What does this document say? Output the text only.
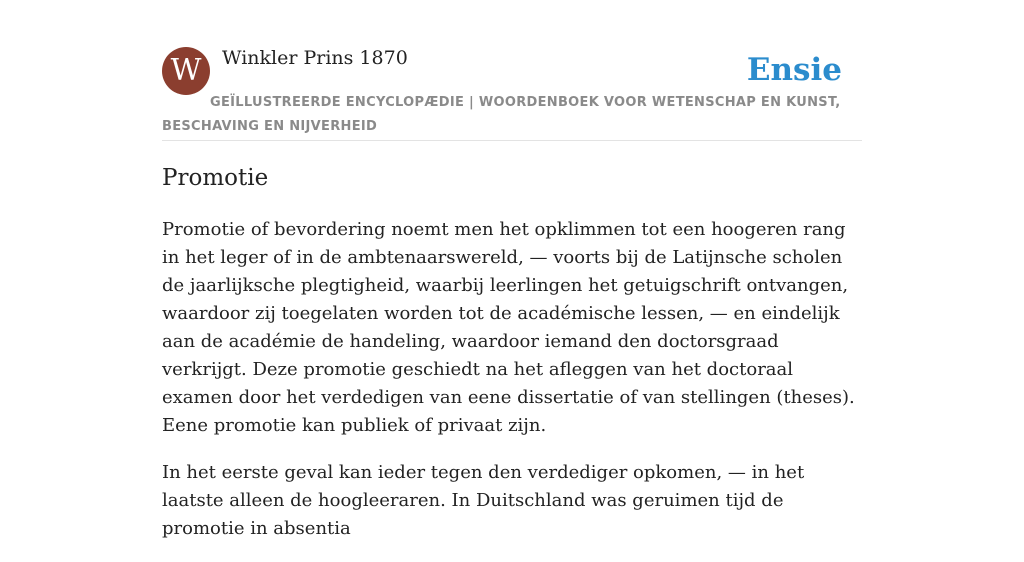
W	Winkler Prins 1870	Ensie
GEÏLLUSTREERDE ENCYCLOPÆDIE | WOORDENBOEK VOOR WETENSCHAP EN KUNST, BESCHAVING EN NIJVERHEID
Promotie

Promotie of bevordering noemt men het opklimmen tot een hoogeren rang in het leger of in de ambtenaarswereld, — voorts bij de Latijnsche scholen de jaarlijksche plegtigheid, waarbij leerlingen het getuigschrift ontvangen, waardoor zij toegelaten worden tot de académische lessen, — en eindelijk aan de académie de handeling, waardoor iemand den doctorsgraad verkrijgt. Deze promotie geschiedt na het afleggen van het doctoraal examen door het verdedigen van eene dissertatie of van stellingen (theses). Eene promotie kan publiek of privaat zijn.

In het eerste geval kan ieder tegen den verdediger opkomen, — in het laatste alleen de hoogleeraren. In Duitschland was geruimen tijd de promotie in absentia
